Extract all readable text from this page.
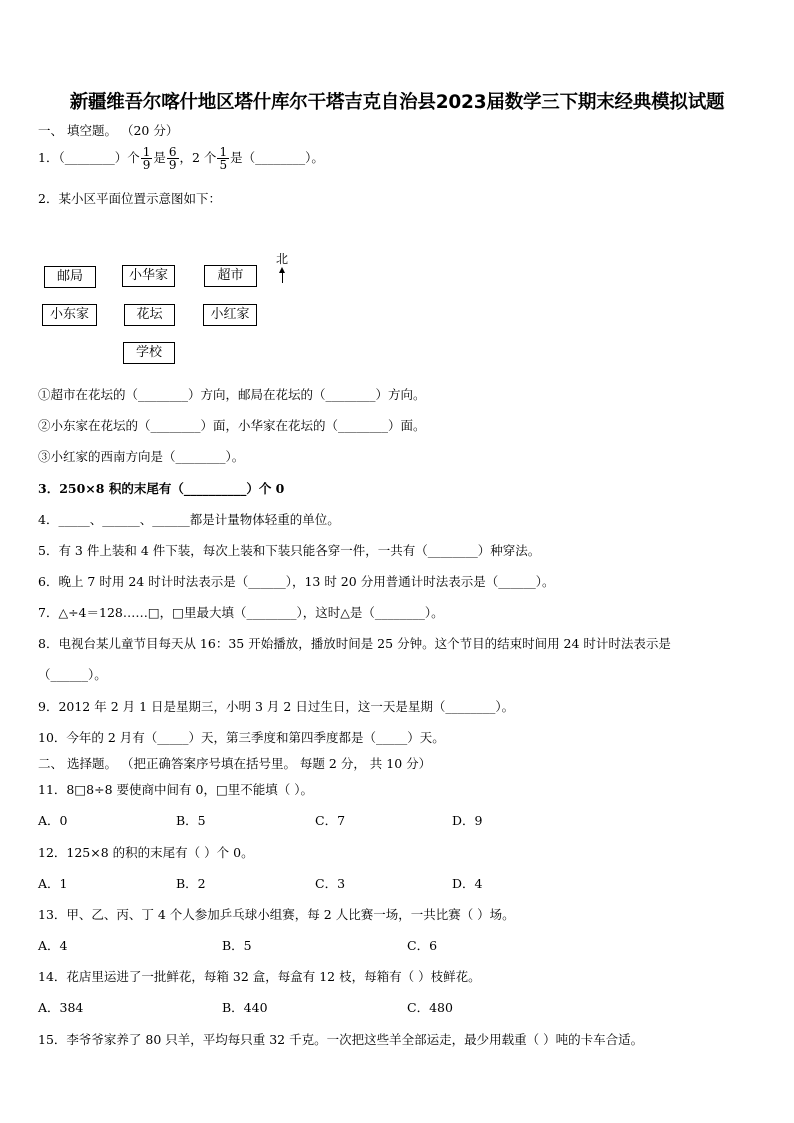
新疆维吾尔喀什地区塔什库尔干塔吉克自治县2023届数学三下期末经典模拟试题
一、 填空题。 （20 分）
1．（________）个 $\frac{1}{9}$ 是 $\frac{6}{9}$ ，2 个 $\frac{1}{5}$ 是（________）。
2．某小区平面位置示意图如下：
北
邮局	小华家	超市
小东家	花坛	小红家
学校
①超市在花坛的（________）方向，邮局在花坛的（________）方向。
②小东家在花坛的（________）面，小华家在花坛的（________）面。
③小红家的西南方向是（________）。
3．250×8 积的末尾有（__________）个 0
4．_____、______、______都是计量物体轻重的单位。
5．有 3 件上装和 4 件下装，每次上装和下装只能各穿一件，一共有（________）种穿法。
6．晚上 7 时用 24 时计时法表示是（______），13 时 20 分用普通计时法表示是（______）。
7．△÷4＝128……□，□里最大填（________），这时△是（________）。
8．电视台某儿童节目每天从 16：35 开始播放，播放时间是 25 分钟。这个节目的结束时间用 24 时计时法表示是
（______）。
9．2012 年 2 月 1 日是星期三，小明 3 月 2 日过生日，这一天是星期（________）。
10．今年的 2 月有（_____）天，第三季度和第四季度都是（_____）天。
二、 选择题。 （把正确答案序号填在括号里。 每题 2 分， 共 10 分）
11．8□8÷8 要使商中间有 0，□里不能填（ ）。
A．0	B．5	C．7	D．9
12．125×8 的积的末尾有（ ）个 0。
A．1	B．2	C．3	D．4
13．甲、乙、丙、丁 4 个人参加乒乓球小组赛，每 2 人比赛一场，一共比赛（ ）场。
A．4	B．5	C．6
14．花店里运进了一批鲜花，每箱 32 盒，每盒有 12 枝，每箱有（ ）枝鲜花。
A．384	B．440	C．480
15．李爷爷家养了 80 只羊，平均每只重 32 千克。一次把这些羊全部运走，最少用载重（ ）吨的卡车合适。
